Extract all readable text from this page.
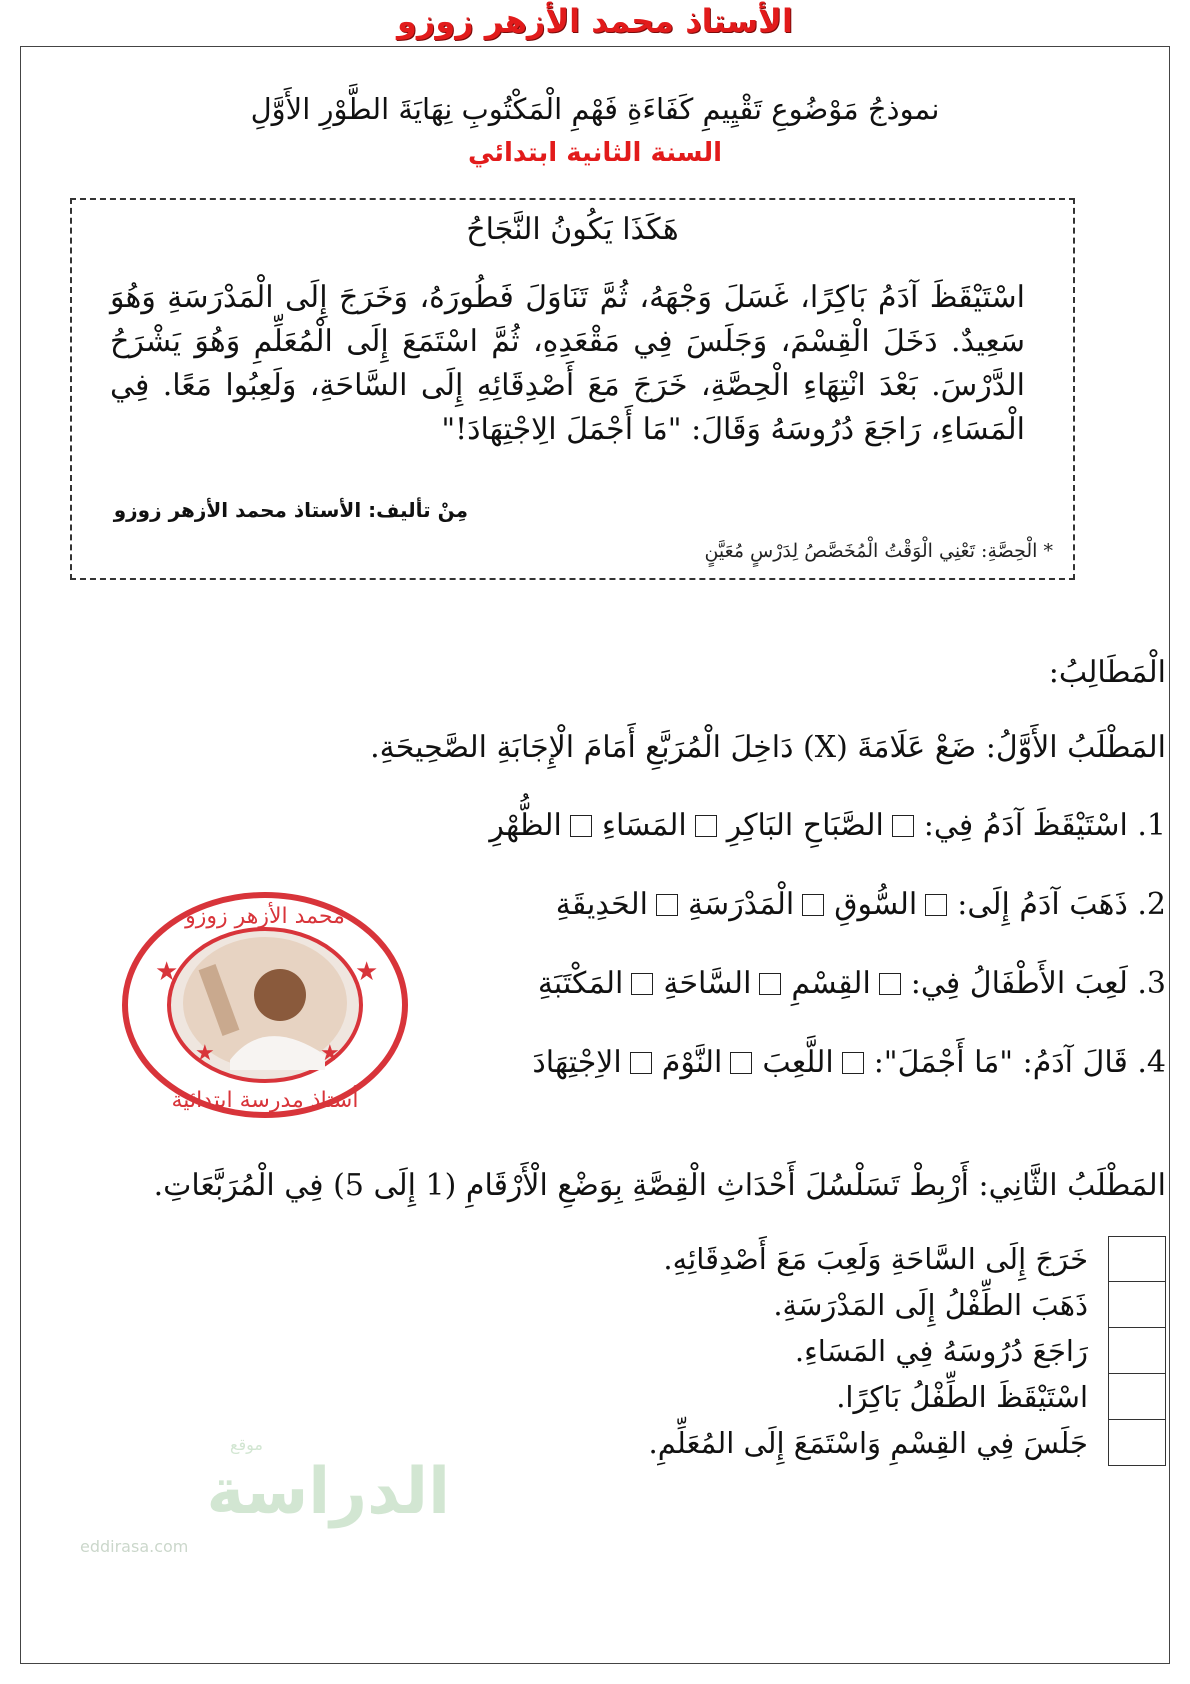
الأستاذ محمد الأزهر زوزو
نموذجُ مَوْضُوعِ تَقْيِيمِ كَفَاءَةِ فَهْمِ الْمَكْتُوبِ نِهَايَةَ الطَّوْرِ الأَوَّلِ
السنة الثانية ابتدائي
هَكَذَا يَكُونُ النَّجَاحُ
اسْتَيْقَظَ آدَمُ بَاكِرًا، غَسَلَ وَجْهَهُ، ثُمَّ تَنَاوَلَ فَطُورَهُ، وَخَرَجَ إِلَى الْمَدْرَسَةِ وَهُوَ سَعِيدٌ. دَخَلَ الْقِسْمَ، وَجَلَسَ فِي مَقْعَدِهِ، ثُمَّ اسْتَمَعَ إِلَى الْمُعَلِّمِ وَهُوَ يَشْرَحُ الدَّرْسَ. بَعْدَ انْتِهَاءِ الْحِصَّةِ، خَرَجَ مَعَ أَصْدِقَائِهِ إِلَى السَّاحَةِ، وَلَعِبُوا مَعًا. فِي الْمَسَاءِ، رَاجَعَ دُرُوسَهُ وَقَالَ: "مَا أَجْمَلَ الِاجْتِهَادَ!"
مِنْ تأليف: الأستاذ محمد الأزهر زوزو
* الْحِصَّةِ: تَعْنِي الْوَقْتُ الْمُخَصَّصُ لِدَرْسٍ مُعَيَّنٍ
الْمَطَالِبُ:
المَطْلَبُ الأَوَّلُ: ضَعْ عَلَامَةَ (X) دَاخِلَ الْمُرَبَّعِ أَمَامَ الْإِجَابَةِ الصَّحِيحَةِ.
1. اسْتَيْقَظَ آدَمُ فِي:
الصَّبَاحِ البَاكِرِ
المَسَاءِ
الظُّهْرِ
2. ذَهَبَ آدَمُ إِلَى:
السُّوقِ
الْمَدْرَسَةِ
الحَدِيقَةِ
3. لَعِبَ الأَطْفَالُ فِي:
القِسْمِ
السَّاحَةِ
المَكْتَبَةِ
4. قَالَ آدَمُ: "مَا أَجْمَلَ":
اللَّعِبَ
النَّوْمَ
الاِجْتِهَادَ
★	★
★	★
محمد الأزهر زوزو
أستاذ مدرسة ابتدائية
المَطْلَبُ الثَّانِي: أَرْبِطْ تَسَلْسُلَ أَحْدَاثِ الْقِصَّةِ بِوَضْعِ الْأَرْقَامِ (1 إِلَى 5) فِي الْمُرَبَّعَاتِ.
خَرَجَ إِلَى السَّاحَةِ وَلَعِبَ مَعَ أَصْدِقَائِهِ.
ذَهَبَ الطِّفْلُ إِلَى المَدْرَسَةِ.
رَاجَعَ دُرُوسَهُ فِي المَسَاءِ.
اسْتَيْقَظَ الطِّفْلُ بَاكِرًا.
جَلَسَ فِي القِسْمِ وَاسْتَمَعَ إِلَى المُعَلِّمِ.
موقع
الدراسة
eddirasa.com
